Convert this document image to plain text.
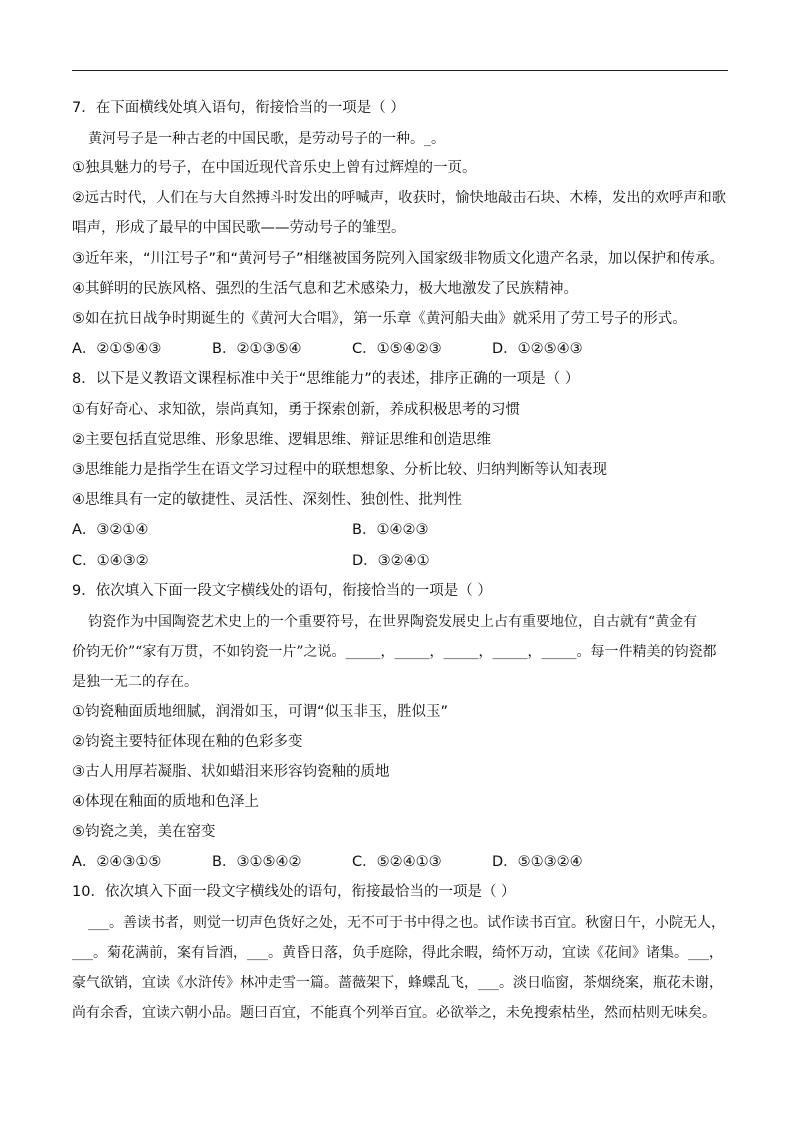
7．在下面横线处填入语句，衔接恰当的一项是（ ）
黄河号子是一种古老的中国民歌，是劳动号子的一种。_。
①独具魅力的号子，在中国近现代音乐史上曾有过辉煌的一页。
②远古时代，人们在与大自然搏斗时发出的呼喊声，收获时，愉快地敲击石块、木棒，发出的欢呼声和歌
唱声，形成了最早的中国民歌——劳动号子的雏型。
③近年来，“川江号子”和“黄河号子”相继被国务院列入国家级非物质文化遗产名录，加以保护和传承。
④其鲜明的民族风格、强烈的生活气息和艺术感染力，极大地激发了民族精神。
⑤如在抗日战争时期诞生的《黄河大合唱》，第一乐章《黄河船夫曲》就采用了劳工号子的形式。
A．②①⑤④③	B．②①③⑤④	C．①⑤④②③	D．①②⑤④③
8．以下是义教语文课程标准中关于“思维能力”的表述，排序正确的一项是（ ）
①有好奇心、求知欲，崇尚真知，勇于探索创新，养成积极思考的习惯
②主要包括直觉思维、形象思维、逻辑思维、辩证思维和创造思维
③思维能力是指学生在语文学习过程中的联想想象、分析比较、归纳判断等认知表现
④思维具有一定的敏捷性、灵活性、深刻性、独创性、批判性
A．③②①④	B．①④②③
C．①④③②	D．③②④①
9．依次填入下面一段文字横线处的语句，衔接恰当的一项是（ ）
钧瓷作为中国陶瓷艺术史上的一个重要符号，在世界陶瓷发展史上占有重要地位，自古就有“黄金有
价钧无价”“家有万贯，不如钧瓷一片”之说。_____，_____，_____，_____，_____。每一件精美的钧瓷都
是独一无二的存在。
①钧瓷釉面质地细腻，润滑如玉，可谓“似玉非玉，胜似玉”
②钧瓷主要特征体现在釉的色彩多变
③古人用厚若凝脂、状如蜡泪来形容钧瓷釉的质地
④体现在釉面的质地和色泽上
⑤钧瓷之美，美在窑变
A．②④③①⑤	B．③①⑤④②	C．⑤②④①③	D．⑤①③②④
10．依次填入下面一段文字横线处的语句，衔接最恰当的一项是（ ）
___。善读书者，则觉一切声色货好之处，无不可于书中得之也。试作读书百宜。秋窗日午，小院无人，
___。菊花满前，案有旨酒，___。黄昏日落，负手庭除，得此余暇，绮怀万动，宜读《花间》诸集。___，
豪气欲销，宜读《水浒传》林冲走雪一篇。蔷薇架下，蜂蝶乱飞，___。淡日临窗，茶烟绕案，瓶花未谢，
尚有余香，宜读六朝小品。题曰百宜，不能真个列举百宜。必欲举之，未免搜索枯坐，然而枯则无味矣。
